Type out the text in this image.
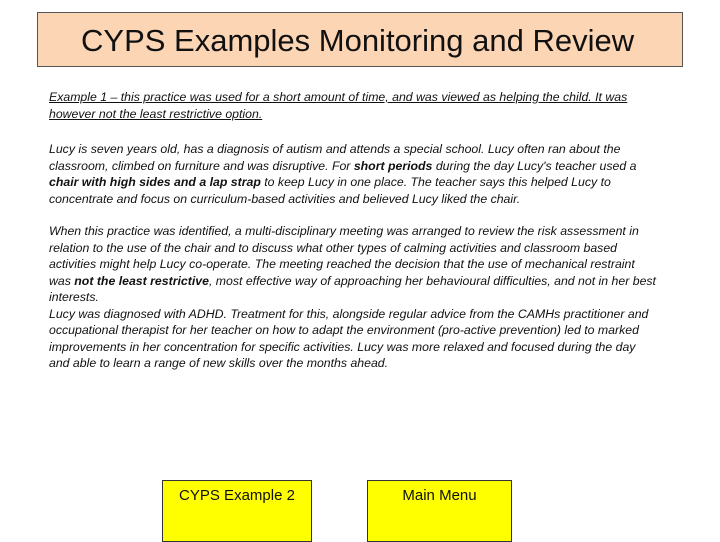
CYPS Examples Monitoring and Review
Example 1 – this practice was used for a short amount of time, and was viewed as helping the child. It was
however not the least restrictive option.
Lucy is seven years old, has a diagnosis of autism and attends a special school. Lucy often ran about the
classroom, climbed on furniture and was disruptive. For short periods during the day Lucy's teacher used a
chair with high sides and a lap strap to keep Lucy in one place. The teacher says this helped Lucy to
concentrate and focus on curriculum-based activities and believed Lucy liked the chair.
When this practice was identified, a multi-disciplinary meeting was arranged to review the risk assessment in
relation to the use of the chair and to discuss what other types of calming activities and classroom based
activities might help Lucy co-operate. The meeting reached the decision that the use of mechanical restraint
was not the least restrictive, most effective way of approaching her behavioural difficulties, and not in her best
interests.
Lucy was diagnosed with ADHD. Treatment for this, alongside regular advice from the CAMHs practitioner and
occupational therapist for her teacher on how to adapt the environment (pro-active prevention) led to marked
improvements in her concentration for specific activities. Lucy was more relaxed and focused during the day
and able to learn a range of new skills over the months ahead.
CYPS Example 2	Main Menu
